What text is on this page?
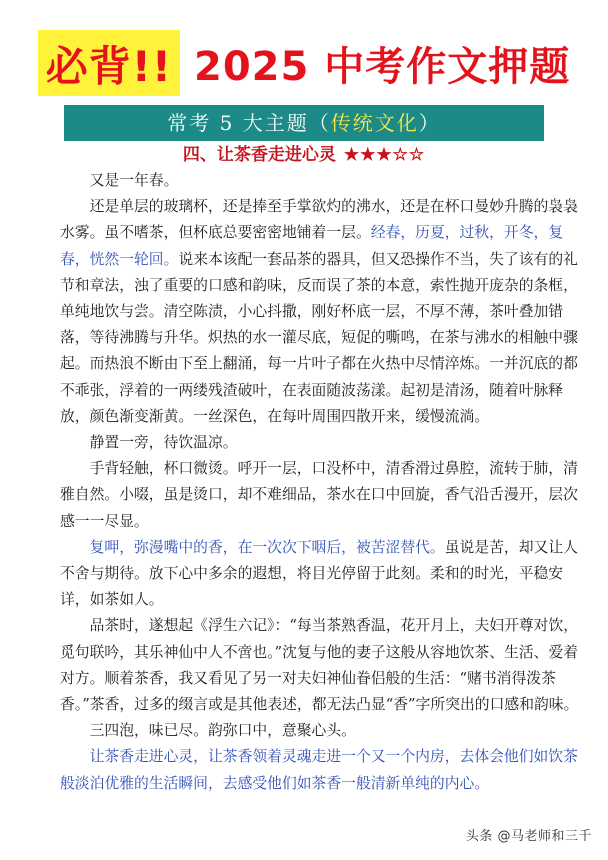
必背!! 2025 中考作文押题
常考 5 大主题（传统文化）
四、让茶香走进心灵 ★★★☆☆

又是一年春。

还是单层的玻璃杯，还是捧至手掌欲灼的沸水，还是在杯口曼妙升腾的袅袅水雾。虽不嗜茶，但杯底总要密密地铺着一层。经春，历夏，过秋，开冬，复春，恍然一轮回。说来本该配一套品茶的器具，但又恐操作不当，失了该有的礼节和章法，浊了重要的口感和韵味，反而误了茶的本意，索性抛开庞杂的条框，单纯地饮与尝。清空陈渍，小心抖撒，刚好杯底一层，不厚不薄，茶叶叠加错落，等待沸腾与升华。炽热的水一灌尽底，短促的嘶鸣，在茶与沸水的相触中骤起。而热浪不断由下至上翻涌，每一片叶子都在火热中尽情淬炼。一并沉底的都不乖张，浮着的一两缕残渣破叶，在表面随波荡漾。起初是清汤，随着叶脉释放，颜色渐变渐黄。一丝深色，在每叶周围四散开来，缓慢流淌。

静置一旁，待饮温凉。

手背轻触，杯口微烫。呼开一层，口没杯中，清香滑过鼻腔，流转于肺，清雅自然。小啜，虽是烫口，却不难细品，茶水在口中回旋，香气沿舌漫开，层次感一一尽显。

复呷，弥漫嘴中的香，在一次次下咽后，被苦涩替代。虽说是苦，却又让人不舍与期待。放下心中多余的遐想，将目光停留于此刻。柔和的时光，平稳安详，如茶如人。

品茶时，遂想起《浮生六记》：“每当茶熟香温，花开月上，夫妇开尊对饮，觅句联吟，其乐神仙中人不啻也。”沈复与他的妻子这般从容地饮茶、生活、爱着对方。顺着茶香，我又看见了另一对夫妇神仙眷侣般的生活：“赌书消得泼茶香。”茶香，过多的缀言或是其他表述，都无法凸显“香”字所突出的口感和韵味。

三四泡，味已尽。韵弥口中，意聚心头。

让茶香走进心灵，让茶香领着灵魂走进一个又一个内房，去体会他们如饮茶般淡泊优雅的生活瞬间，去感受他们如茶香一般清新单纯的内心。

头条 @马老师和三千
